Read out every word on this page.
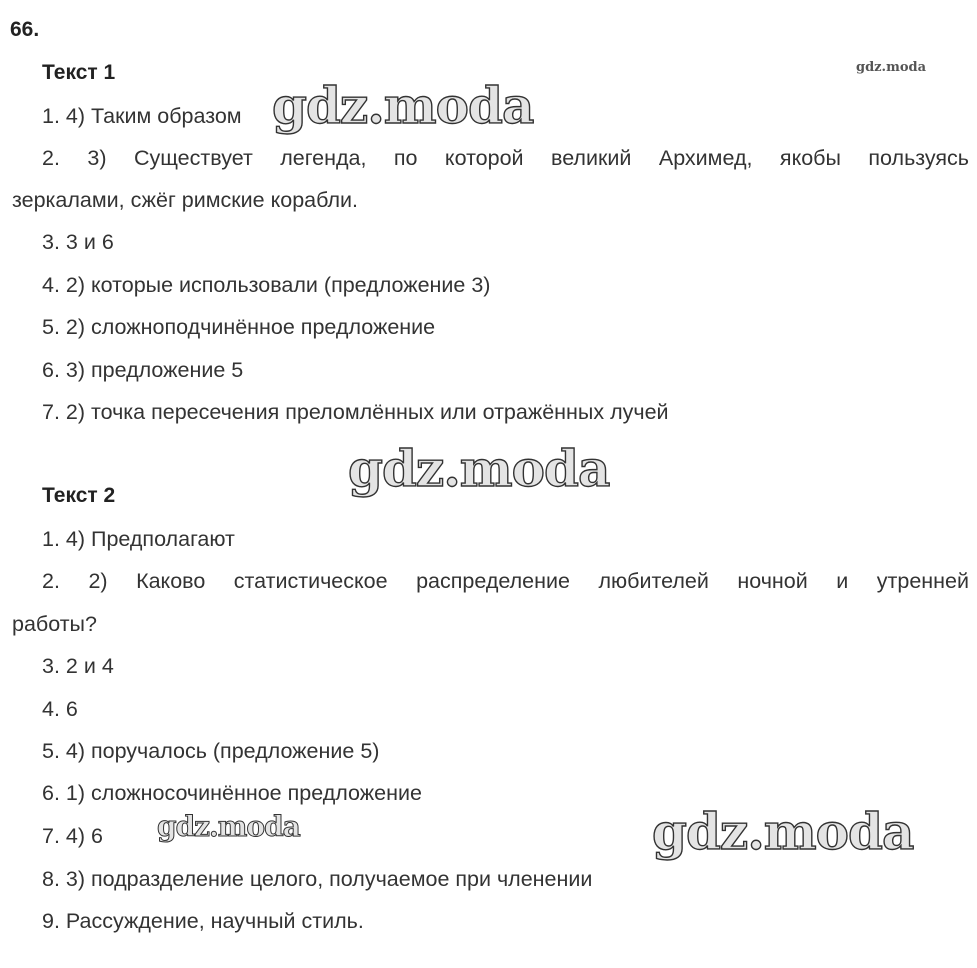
66.
gdz.moda
Текст 1
1. 4) Таким образом gdz.moda
2. 3) Существует легенда, по которой великий Архимед, якобы пользуясь
зеркалами, сжёг римские корабли.
3. 3 и 6
4. 2) которые использовали (предложение 3)
5. 2) сложноподчинённое предложение
6. 3) предложение 5
7. 2) точка пересечения преломлённых или отражённых лучей
gdz.moda
Текст 2
1. 4) Предполагают
2. 2) Каково статистическое распределение любителей ночной и утренней
работы?
3. 2 и 4
4. 6
5. 4) поручалось (предложение 5)
6. 1) сложносочинённое предложение
7. 4) 6 gdz.moda	gdz.moda
8. 3) подразделение целого, получаемое при членении
9. Рассуждение, научный стиль.
